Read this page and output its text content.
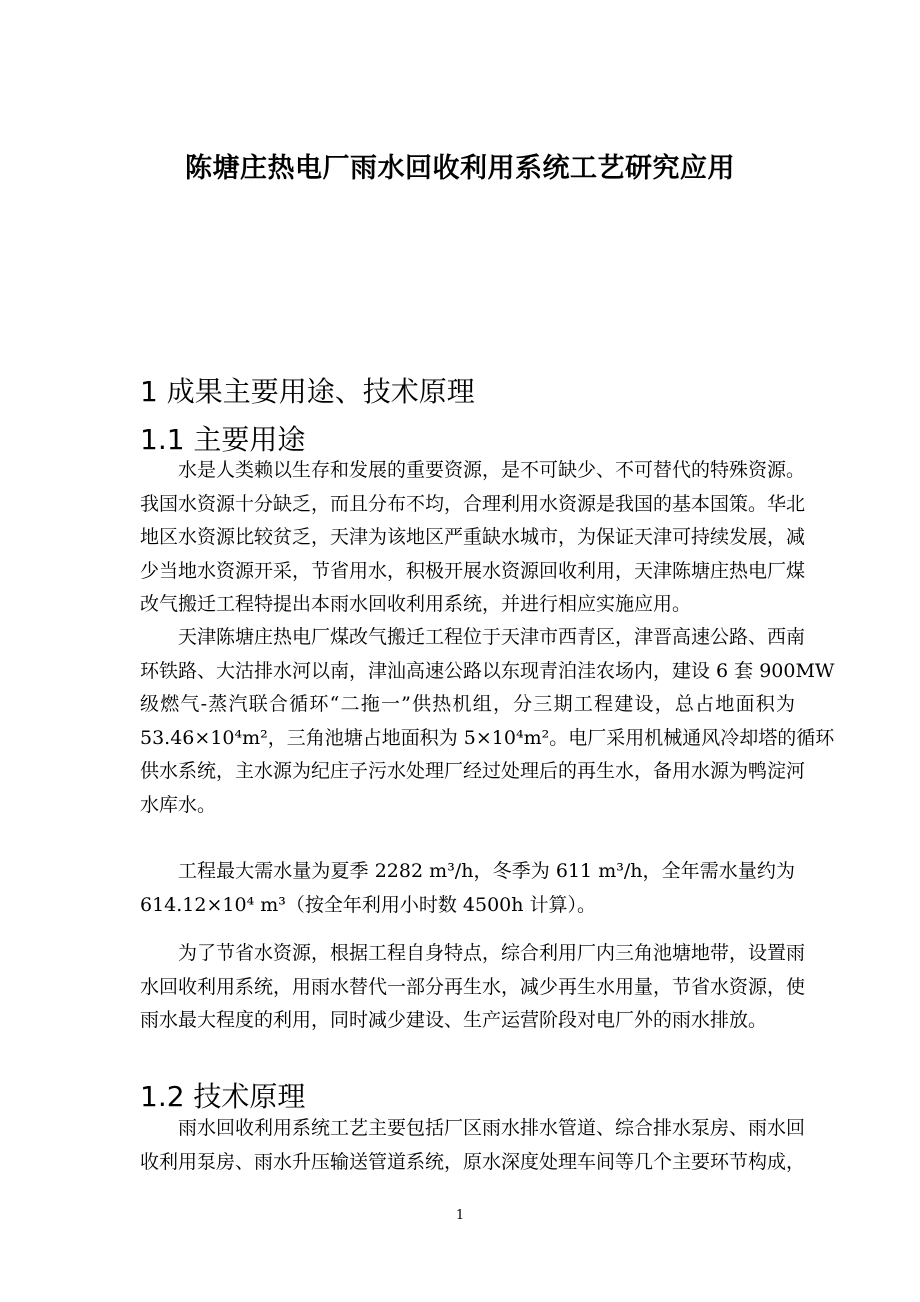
陈塘庄热电厂雨水回收利用系统工艺研究应用
1 成果主要用途、技术原理
1.1 主要用途
水是人类赖以生存和发展的重要资源，是不可缺少、不可替代的特殊资源。
我国水资源十分缺乏，而且分布不均，合理利用水资源是我国的基本国策。华北
地区水资源比较贫乏，天津为该地区严重缺水城市，为保证天津可持续发展，减
少当地水资源开采，节省用水，积极开展水资源回收利用，天津陈塘庄热电厂煤
改气搬迁工程特提出本雨水回收利用系统，并进行相应实施应用。
天津陈塘庄热电厂煤改气搬迁工程位于天津市西青区，津晋高速公路、西南
环铁路、大沽排水河以南，津汕高速公路以东现青泊洼农场内，建设 6 套 900MW
级燃气-蒸汽联合循环“二拖一”供热机组，分三期工程建设，总占地面积为
53.46×10⁴m²，三角池塘占地面积为 5×10⁴m²。电厂采用机械通风冷却塔的循环
供水系统，主水源为纪庄子污水处理厂经过处理后的再生水，备用水源为鸭淀河
水库水。
工程最大需水量为夏季 2282 m³/h，冬季为 611 m³/h，全年需水量约为
614.12×10⁴ m³（按全年利用小时数 4500h 计算）。
为了节省水资源，根据工程自身特点，综合利用厂内三角池塘地带，设置雨
水回收利用系统，用雨水替代一部分再生水，减少再生水用量，节省水资源，使
雨水最大程度的利用，同时减少建设、生产运营阶段对电厂外的雨水排放。
1.2 技术原理
雨水回收利用系统工艺主要包括厂区雨水排水管道、综合排水泵房、雨水回
收利用泵房、雨水升压输送管道系统，原水深度处理车间等几个主要环节构成，
1
